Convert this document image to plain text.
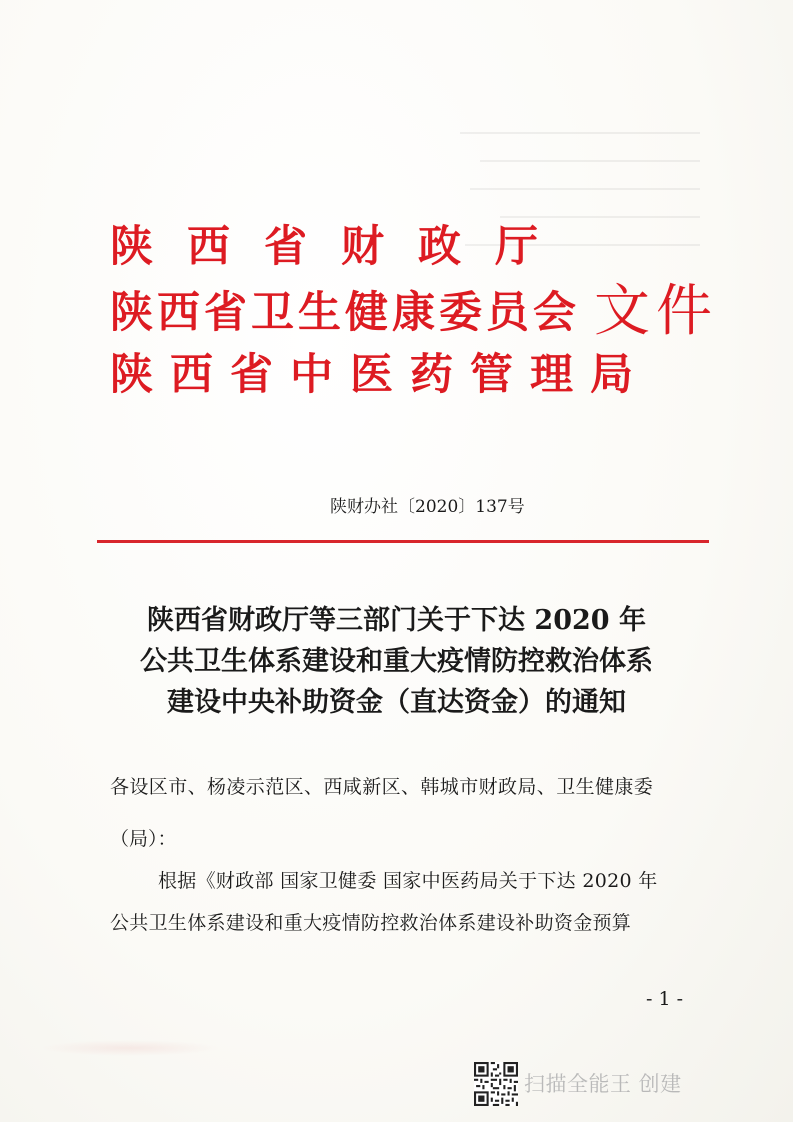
陕西省财政厅
陕西省卫生健康委员会
陕西省中医药管理局
文件
陕财办社〔2020〕137号
陕西省财政厅等三部门关于下达 2020 年
公共卫生体系建设和重大疫情防控救治体系
建设中央补助资金（直达资金）的通知
各设区市、杨凌示范区、西咸新区、韩城市财政局、卫生健康委
（局）：
根据《财政部 国家卫健委 国家中医药局关于下达 2020 年
公共卫生体系建设和重大疫情防控救治体系建设补助资金预算
- 1 -
扫描全能王 创建
